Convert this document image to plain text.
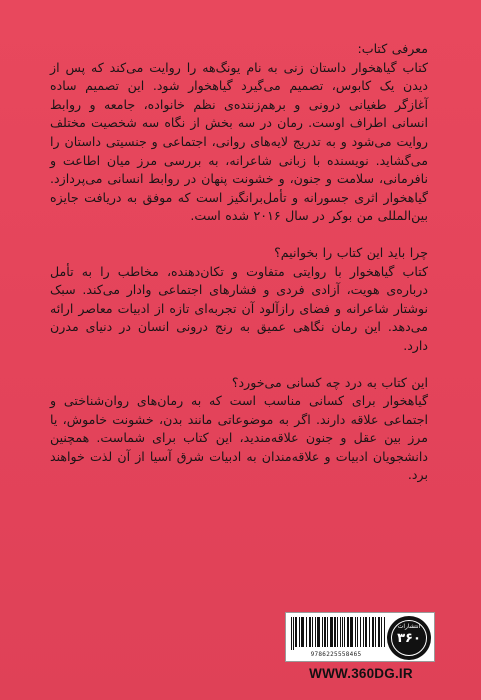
معرفی کتاب:

کتاب گیاهخوار داستان زنی به نام یونگ‌هه را روایت می‌کند که پس از دیدن یک کابوس، تصمیم می‌گیرد گیاهخوار شود. این تصمیم ساده آغازگر طغیانی درونی و برهم‌زننده‌ی نظم خانواده، جامعه و روابط انسانی اطراف اوست. رمان در سه بخش از نگاه سه شخصیت مختلف روایت می‌شود و به تدریج لایه‌های روانی، اجتماعی و جنسیتی داستان را می‌گشاید. نویسنده با زبانی شاعرانه، به بررسی مرز میان اطاعت و نافرمانی، سلامت و جنون، و خشونت پنهان در روابط انسانی می‌پردازد. گیاهخوار اثری جسورانه و تأمل‌برانگیز است که موفق به دریافت جایزه بین‌المللی من بوکر در سال ۲۰۱۶ شده است.

چرا باید این کتاب را بخوانیم؟

کتاب گیاهخوار با روایتی متفاوت و تکان‌دهنده، مخاطب را به تأمل درباره‌ی هویت، آزادی فردی و فشارهای اجتماعی وادار می‌کند. سبک نوشتار شاعرانه و فضای راز‌آلود آن تجربه‌ای تازه از ادبیات معاصر ارائه می‌دهد. این رمان نگاهی عمیق به رنج درونی انسان در دنیای مدرن دارد.

این کتاب به درد چه کسانی می‌خورد؟

گیاهخوار برای کسانی مناسب است که به رمان‌های روان‌شناختی و اجتماعی علاقه دارند. اگر به موضوعاتی مانند بدن، خشونت خاموش، یا مرز بین عقل و جنون علاقه‌مندید، این کتاب برای شماست. همچنین دانشجویان ادبیات و علاقه‌مندان به ادبیات شرق آسیا از آن لذت خواهند برد.

9786225558465
انتشارات
۳۶۰
WWW.360DG.IR
